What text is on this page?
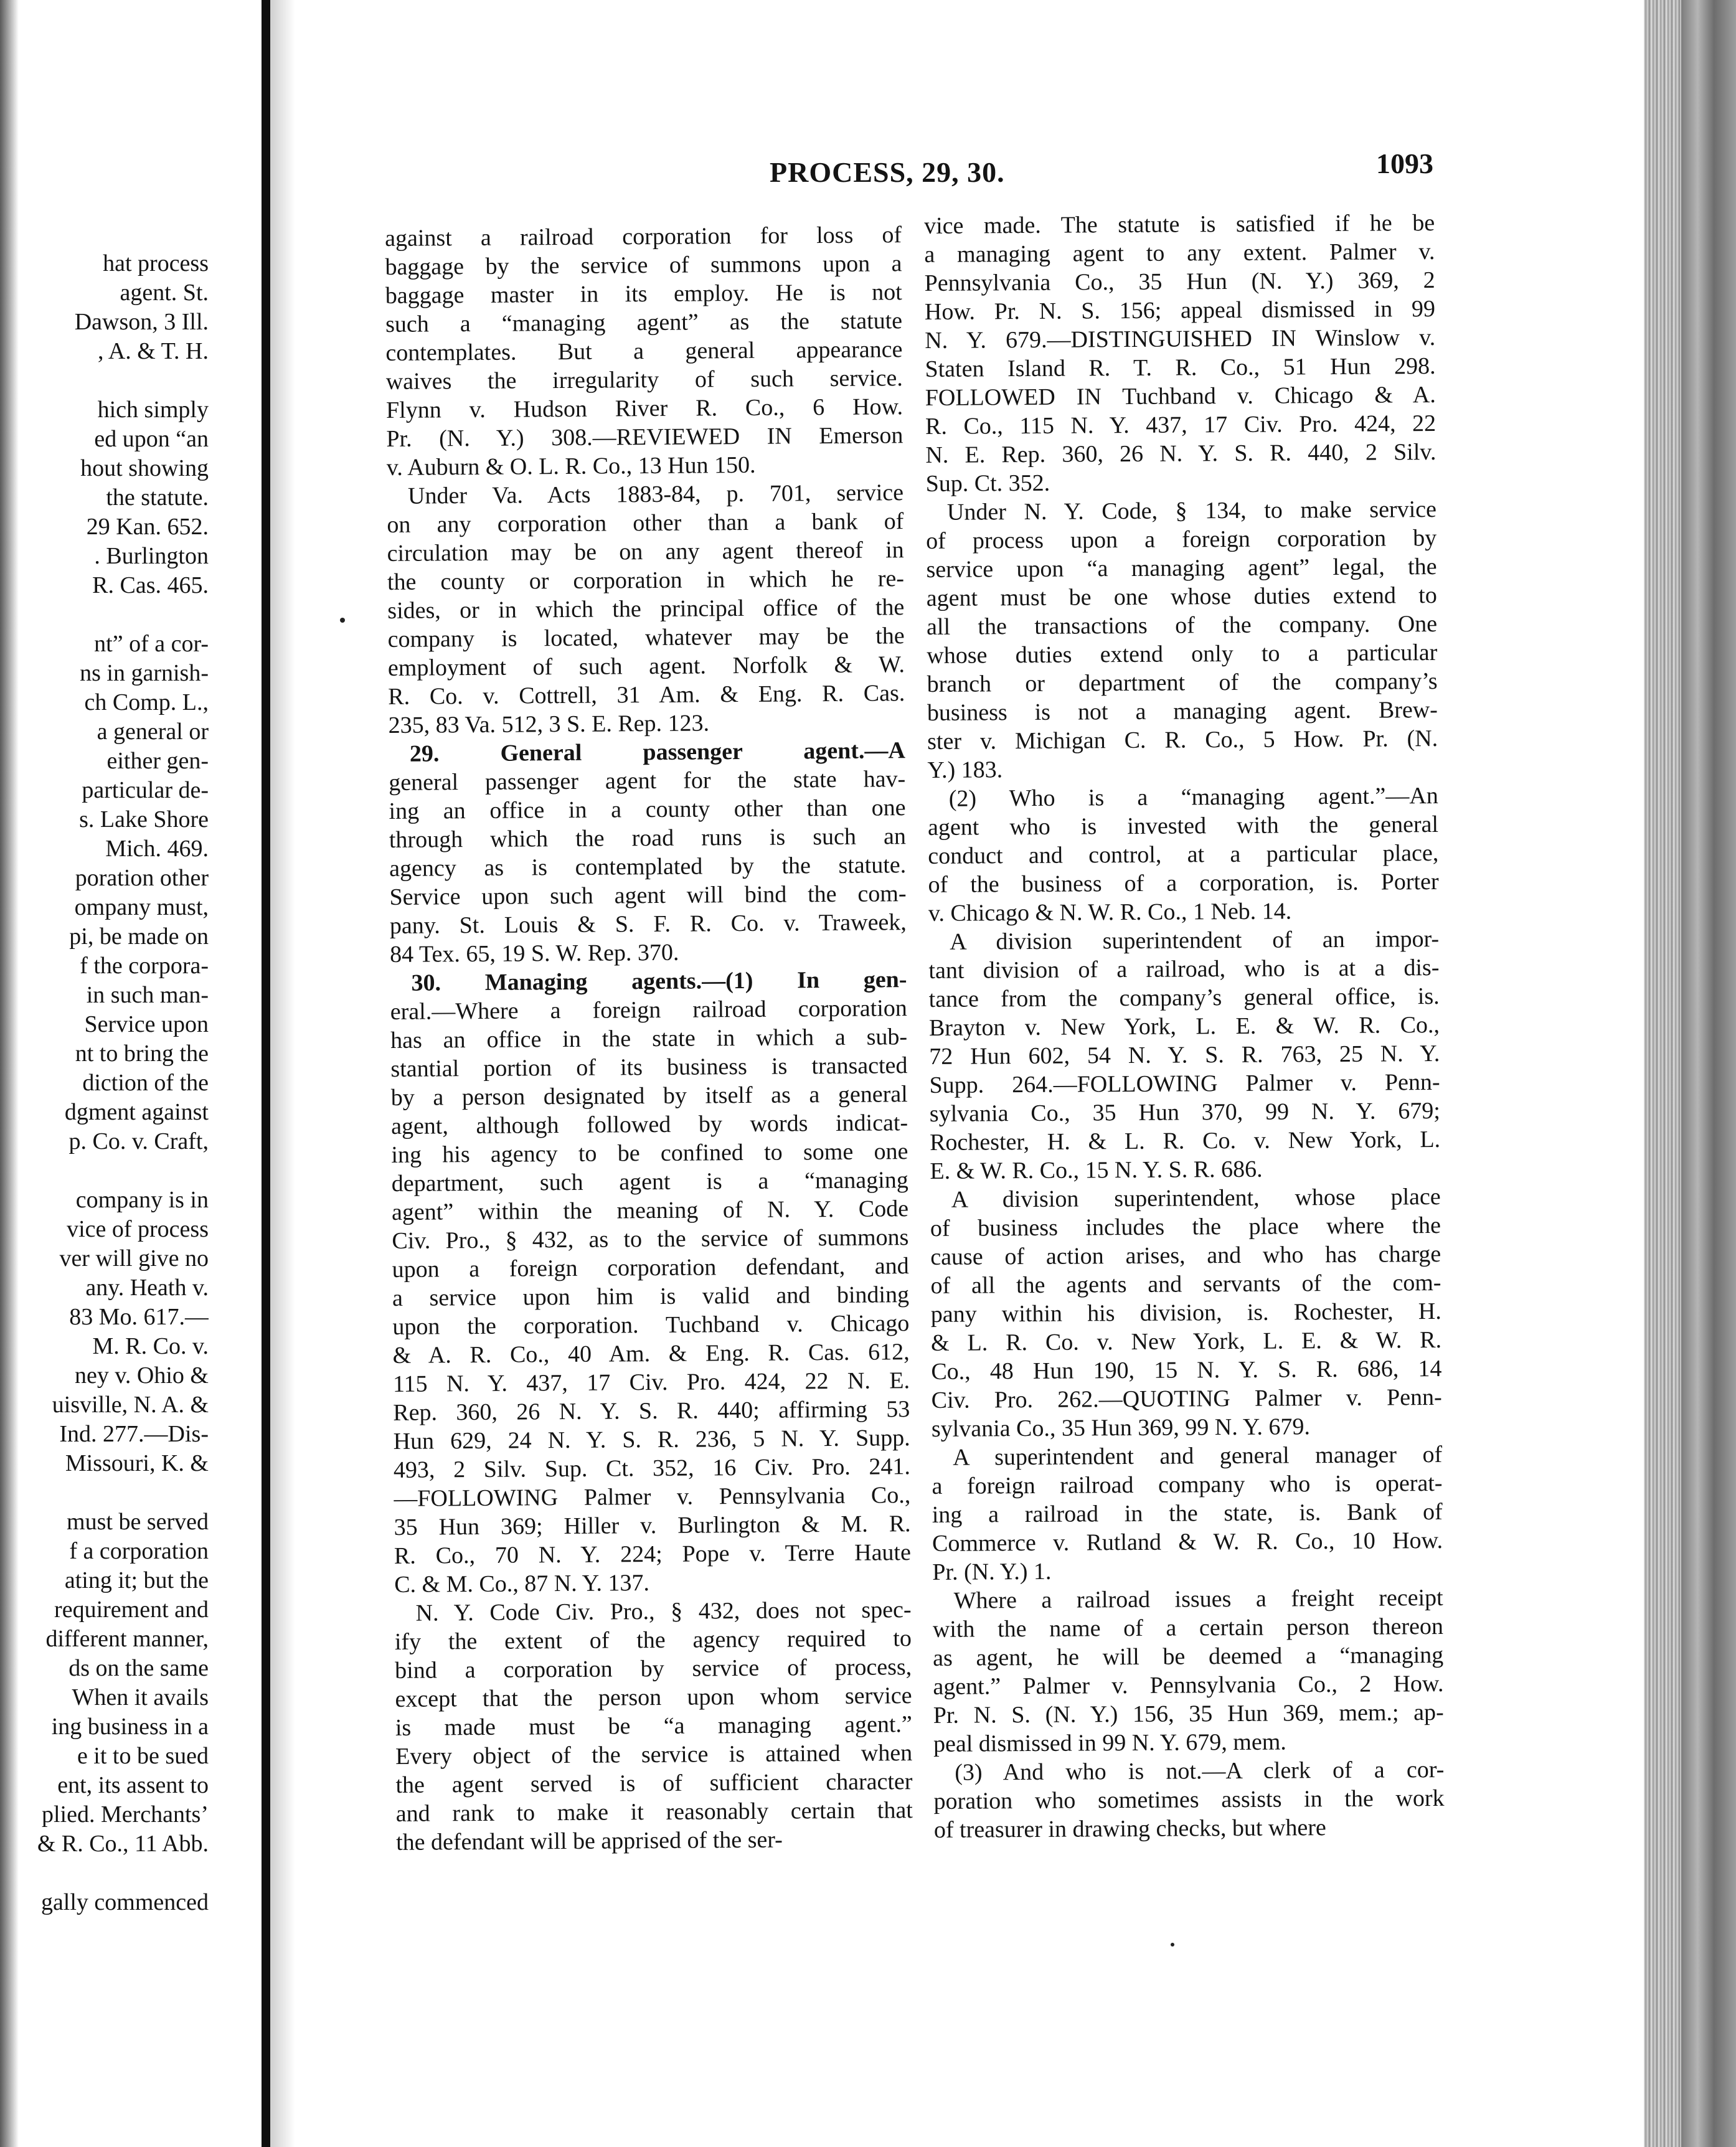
hat process
agent. St.
Dawson, 3 Ill.
, A. & T. H.
hich simply
ed upon “an
hout showing
the statute.
29 Kan. 652.
. Burlington
R. Cas. 465.
nt” of a cor-
ns in garnish-
ch Comp. L.,
a general or
either gen-
particular de-
s. Lake Shore
Mich. 469.
poration other
ompany must,
pi, be made on
f the corpora-
in such man-
Service upon
nt to bring the
diction of the
dgment against
p. Co. v. Craft,
company is in
vice of process
ver will give no
any. Heath v.
83 Mo. 617.—
M. R. Co. v.
ney v. Ohio &
uisville, N. A. &
Ind. 277.—Dis-
Missouri, K. &
must be served
f a corporation
ating it; but the
requirement and
different manner,
ds on the same
When it avails
ing business in a
e it to be sued
ent, its assent to
plied. Merchants’
& R. Co., 11 Abb.
gally commenced
PROCESS, 29, 30.	1093
against a railroad corporation for loss of
baggage by the service of summons upon a
baggage master in its employ. He is not
such a “managing agent” as the statute
contemplates. But a general appearance
waives the irregularity of such service.
Flynn v. Hudson River R. Co., 6 How.
Pr. (N. Y.) 308.—REVIEWED IN Emerson
v. Auburn & O. L. R. Co., 13 Hun 150.
Under Va. Acts 1883-84, p. 701, service
on any corporation other than a bank of
circulation may be on any agent thereof in
the county or corporation in which he re-
sides, or in which the principal office of the
company is located, whatever may be the
employment of such agent. Norfolk & W.
R. Co. v. Cottrell, 31 Am. & Eng. R. Cas.
235, 83 Va. 512, 3 S. E. Rep. 123.
29. General passenger agent.—A
general passenger agent for the state hav-
ing an office in a county other than one
through which the road runs is such an
agency as is contemplated by the statute.
Service upon such agent will bind the com-
pany. St. Louis & S. F. R. Co. v. Traweek,
84 Tex. 65, 19 S. W. Rep. 370.
30. Managing agents.—(1) In gen-
eral.—Where a foreign railroad corporation
has an office in the state in which a sub-
stantial portion of its business is transacted
by a person designated by itself as a general
agent, although followed by words indicat-
ing his agency to be confined to some one
department, such agent is a “managing
agent” within the meaning of N. Y. Code
Civ. Pro., § 432, as to the service of summons
upon a foreign corporation defendant, and
a service upon him is valid and binding
upon the corporation. Tuchband v. Chicago
& A. R. Co., 40 Am. & Eng. R. Cas. 612,
115 N. Y. 437, 17 Civ. Pro. 424, 22 N. E.
Rep. 360, 26 N. Y. S. R. 440; affirming 53
Hun 629, 24 N. Y. S. R. 236, 5 N. Y. Supp.
493, 2 Silv. Sup. Ct. 352, 16 Civ. Pro. 241.
—FOLLOWING Palmer v. Pennsylvania Co.,
35 Hun 369; Hiller v. Burlington & M. R.
R. Co., 70 N. Y. 224; Pope v. Terre Haute
C. & M. Co., 87 N. Y. 137.
N. Y. Code Civ. Pro., § 432, does not spec-
ify the extent of the agency required to
bind a corporation by service of process,
except that the person upon whom service
is made must be “a managing agent.”
Every object of the service is attained when
the agent served is of sufficient character
and rank to make it reasonably certain that
the defendant will be apprised of the ser-
vice made. The statute is satisfied if he be
a managing agent to any extent. Palmer v.
Pennsylvania Co., 35 Hun (N. Y.) 369, 2
How. Pr. N. S. 156; appeal dismissed in 99
N. Y. 679.—DISTINGUISHED IN Winslow v.
Staten Island R. T. R. Co., 51 Hun 298.
FOLLOWED IN Tuchband v. Chicago & A.
R. Co., 115 N. Y. 437, 17 Civ. Pro. 424, 22
N. E. Rep. 360, 26 N. Y. S. R. 440, 2 Silv.
Sup. Ct. 352.
Under N. Y. Code, § 134, to make service
of process upon a foreign corporation by
service upon “a managing agent” legal, the
agent must be one whose duties extend to
all the transactions of the company. One
whose duties extend only to a particular
branch or department of the company’s
business is not a managing agent. Brew-
ster v. Michigan C. R. Co., 5 How. Pr. (N.
Y.) 183.
(2) Who is a “managing agent.”—An
agent who is invested with the general
conduct and control, at a particular place,
of the business of a corporation, is. Porter
v. Chicago & N. W. R. Co., 1 Neb. 14.
A division superintendent of an impor-
tant division of a railroad, who is at a dis-
tance from the company’s general office, is.
Brayton v. New York, L. E. & W. R. Co.,
72 Hun 602, 54 N. Y. S. R. 763, 25 N. Y.
Supp. 264.—FOLLOWING Palmer v. Penn-
sylvania Co., 35 Hun 370, 99 N. Y. 679;
Rochester, H. & L. R. Co. v. New York, L.
E. & W. R. Co., 15 N. Y. S. R. 686.
A division superintendent, whose place
of business includes the place where the
cause of action arises, and who has charge
of all the agents and servants of the com-
pany within his division, is. Rochester, H.
& L. R. Co. v. New York, L. E. & W. R.
Co., 48 Hun 190, 15 N. Y. S. R. 686, 14
Civ. Pro. 262.—QUOTING Palmer v. Penn-
sylvania Co., 35 Hun 369, 99 N. Y. 679.
A superintendent and general manager of
a foreign railroad company who is operat-
ing a railroad in the state, is. Bank of
Commerce v. Rutland & W. R. Co., 10 How.
Pr. (N. Y.) 1.
Where a railroad issues a freight receipt
with the name of a certain person thereon
as agent, he will be deemed a “managing
agent.” Palmer v. Pennsylvania Co., 2 How.
Pr. N. S. (N. Y.) 156, 35 Hun 369, mem.; ap-
peal dismissed in 99 N. Y. 679, mem.
(3) And who is not.—A clerk of a cor-
poration who sometimes assists in the work
of treasurer in drawing checks, but where
